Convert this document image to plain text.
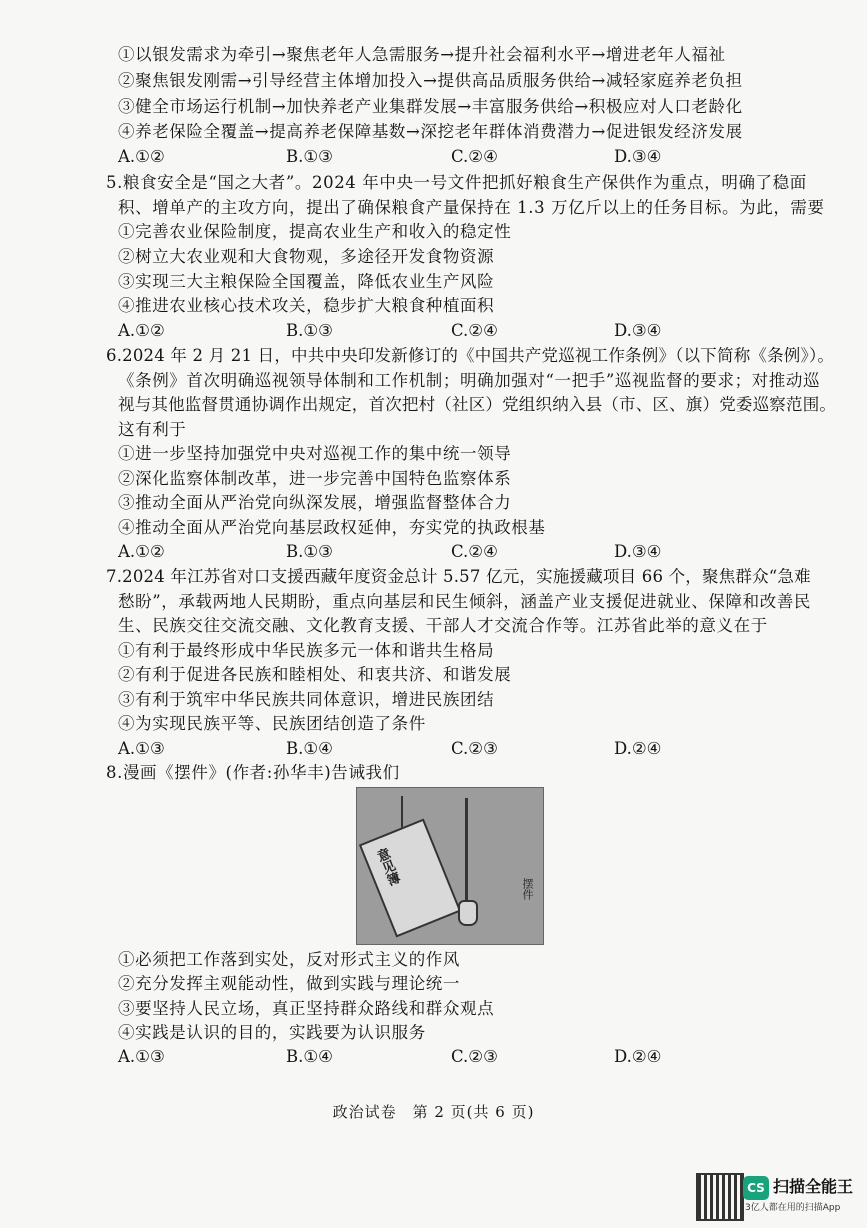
①以银发需求为牵引→聚焦老年人急需服务→提升社会福利水平→增进老年人福祉
②聚焦银发刚需→引导经营主体增加投入→提供高品质服务供给→减轻家庭养老负担
③健全市场运行机制→加快养老产业集群发展→丰富服务供给→积极应对人口老龄化
④养老保险全覆盖→提高养老保障基数→深挖老年群体消费潜力→促进银发经济发展
A.①②	B.①③	C.②④	D.③④
5.粮食安全是“国之大者”。2024 年中央一号文件把抓好粮食生产保供作为重点，明确了稳面
积、增单产的主攻方向，提出了确保粮食产量保持在 1.3 万亿斤以上的任务目标。为此，需要
①完善农业保险制度，提高农业生产和收入的稳定性
②树立大农业观和大食物观，多途径开发食物资源
③实现三大主粮保险全国覆盖，降低农业生产风险
④推进农业核心技术攻关，稳步扩大粮食种植面积
A.①②	B.①③	C.②④	D.③④
6.2024 年 2 月 21 日，中共中央印发新修订的《中国共产党巡视工作条例》（以下简称《条例》）。
《条例》首次明确巡视领导体制和工作机制；明确加强对“一把手”巡视监督的要求；对推动巡
视与其他监督贯通协调作出规定，首次把村（社区）党组织纳入县（市、区、旗）党委巡察范围。
这有利于
①进一步坚持加强党中央对巡视工作的集中统一领导
②深化监察体制改革，进一步完善中国特色监察体系
③推动全面从严治党向纵深发展，增强监督整体合力
④推动全面从严治党向基层政权延伸，夯实党的执政根基
A.①②	B.①③	C.②④	D.③④
7.2024 年江苏省对口支援西藏年度资金总计 5.57 亿元，实施援藏项目 66 个，聚焦群众“急难
愁盼”，承载两地人民期盼，重点向基层和民生倾斜，涵盖产业支援促进就业、保障和改善民
生、民族交往交流交融、文化教育支援、干部人才交流合作等。江苏省此举的意义在于
①有利于最终形成中华民族多元一体和谐共生格局
②有利于促进各民族和睦相处、和衷共济、和谐发展
③有利于筑牢中华民族共同体意识，增进民族团结
④为实现民族平等、民族团结创造了条件
A.①③	B.①④	C.②③	D.②④
8.漫画《摆件》(作者:孙华丰)告诫我们
意见簿
摆件
①必须把工作落到实处，反对形式主义的作风
②充分发挥主观能动性，做到实践与理论统一
③要坚持人民立场，真正坚持群众路线和群众观点
④实践是认识的目的，实践要为认识服务
A.①③	B.①④	C.②③	D.②④
政治试卷　第 2 页(共 6 页)
CS 扫描全能王
3亿人都在用的扫描App
